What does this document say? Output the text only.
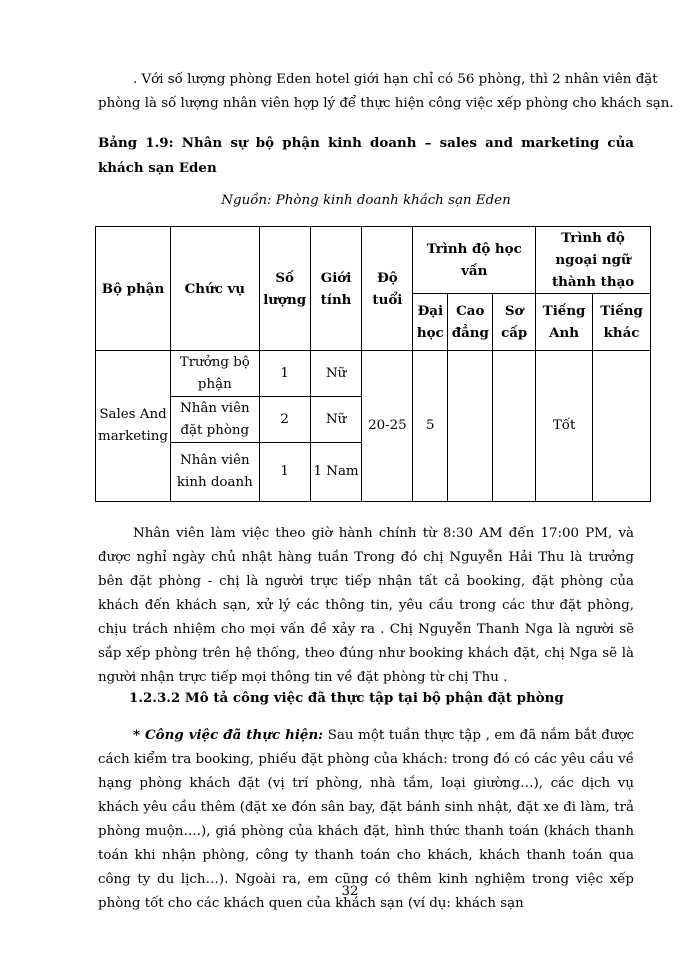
. Với số lượng phòng Eden hotel giới hạn chỉ có 56 phòng, thì 2 nhân viên đặt
phòng là số lượng nhân viên hợp lý để thực hiện công việc xếp phòng cho khách sạn.
Bảng 1.9: Nhân sự bộ phận kinh doanh – sales and marketing của khách sạn Eden
Nguồn: Phòng kinh doanh khách sạn Eden
Bộ phận	Chức vụ	Số lượng	Giới tính	Độ tuổi	Trình độ học vấn			Trình độ ngoại ngữ thành thạo	
					Đại học	Cao đẳng	Sơ cấp	Tiếng Anh	Tiếng khác
Sales And marketing	Trưởng bộ phận	1	Nữ	20-25	5			Tốt	
	Nhân viên đặt phòng	2	Nữ						
	Nhân viên kinh doanh	1	1 Nam						
Nhân viên làm việc theo giờ hành chính từ 8:30 AM đến 17:00 PM, và được nghỉ ngày chủ nhật hàng tuần Trong đó chị Nguyễn Hải Thu là trưởng bên đặt phòng - chị là người trực tiếp nhận tất cả booking, đặt phòng của khách đến khách sạn, xử lý các thông tin, yêu cầu trong các thư đặt phòng, chịu trách nhiệm cho mọi vấn đề xảy ra . Chị Nguyễn Thanh Nga là người sẽ sắp xếp phòng trên hệ thống, theo đúng như booking khách đặt, chị Nga sẽ là người nhận trực tiếp mọi thông tin về đặt phòng từ chị Thu .
1.2.3.2 Mô tả công việc đã thực tập tại bộ phận đặt phòng
* Công việc đã thực hiện: Sau một tuần thực tập , em đã nắm bắt được cách kiểm tra booking, phiếu đặt phòng của khách: trong đó có các yêu cầu về hạng phòng khách đặt (vị trí phòng, nhà tắm, loại giường…), các dịch vụ khách yêu cầu thêm (đặt xe đón sân bay, đặt bánh sinh nhật, đặt xe đi làm, trả phòng muộn….), giá phòng của khách đặt, hình thức thanh toán (khách thanh toán khi nhận phòng, công ty thanh toán cho khách, khách thanh toán qua công ty du lịch…). Ngoài ra, em cũng có thêm kinh nghiệm trong việc xếp phòng tốt cho các khách quen của khách sạn (ví dụ: khách sạn
32
